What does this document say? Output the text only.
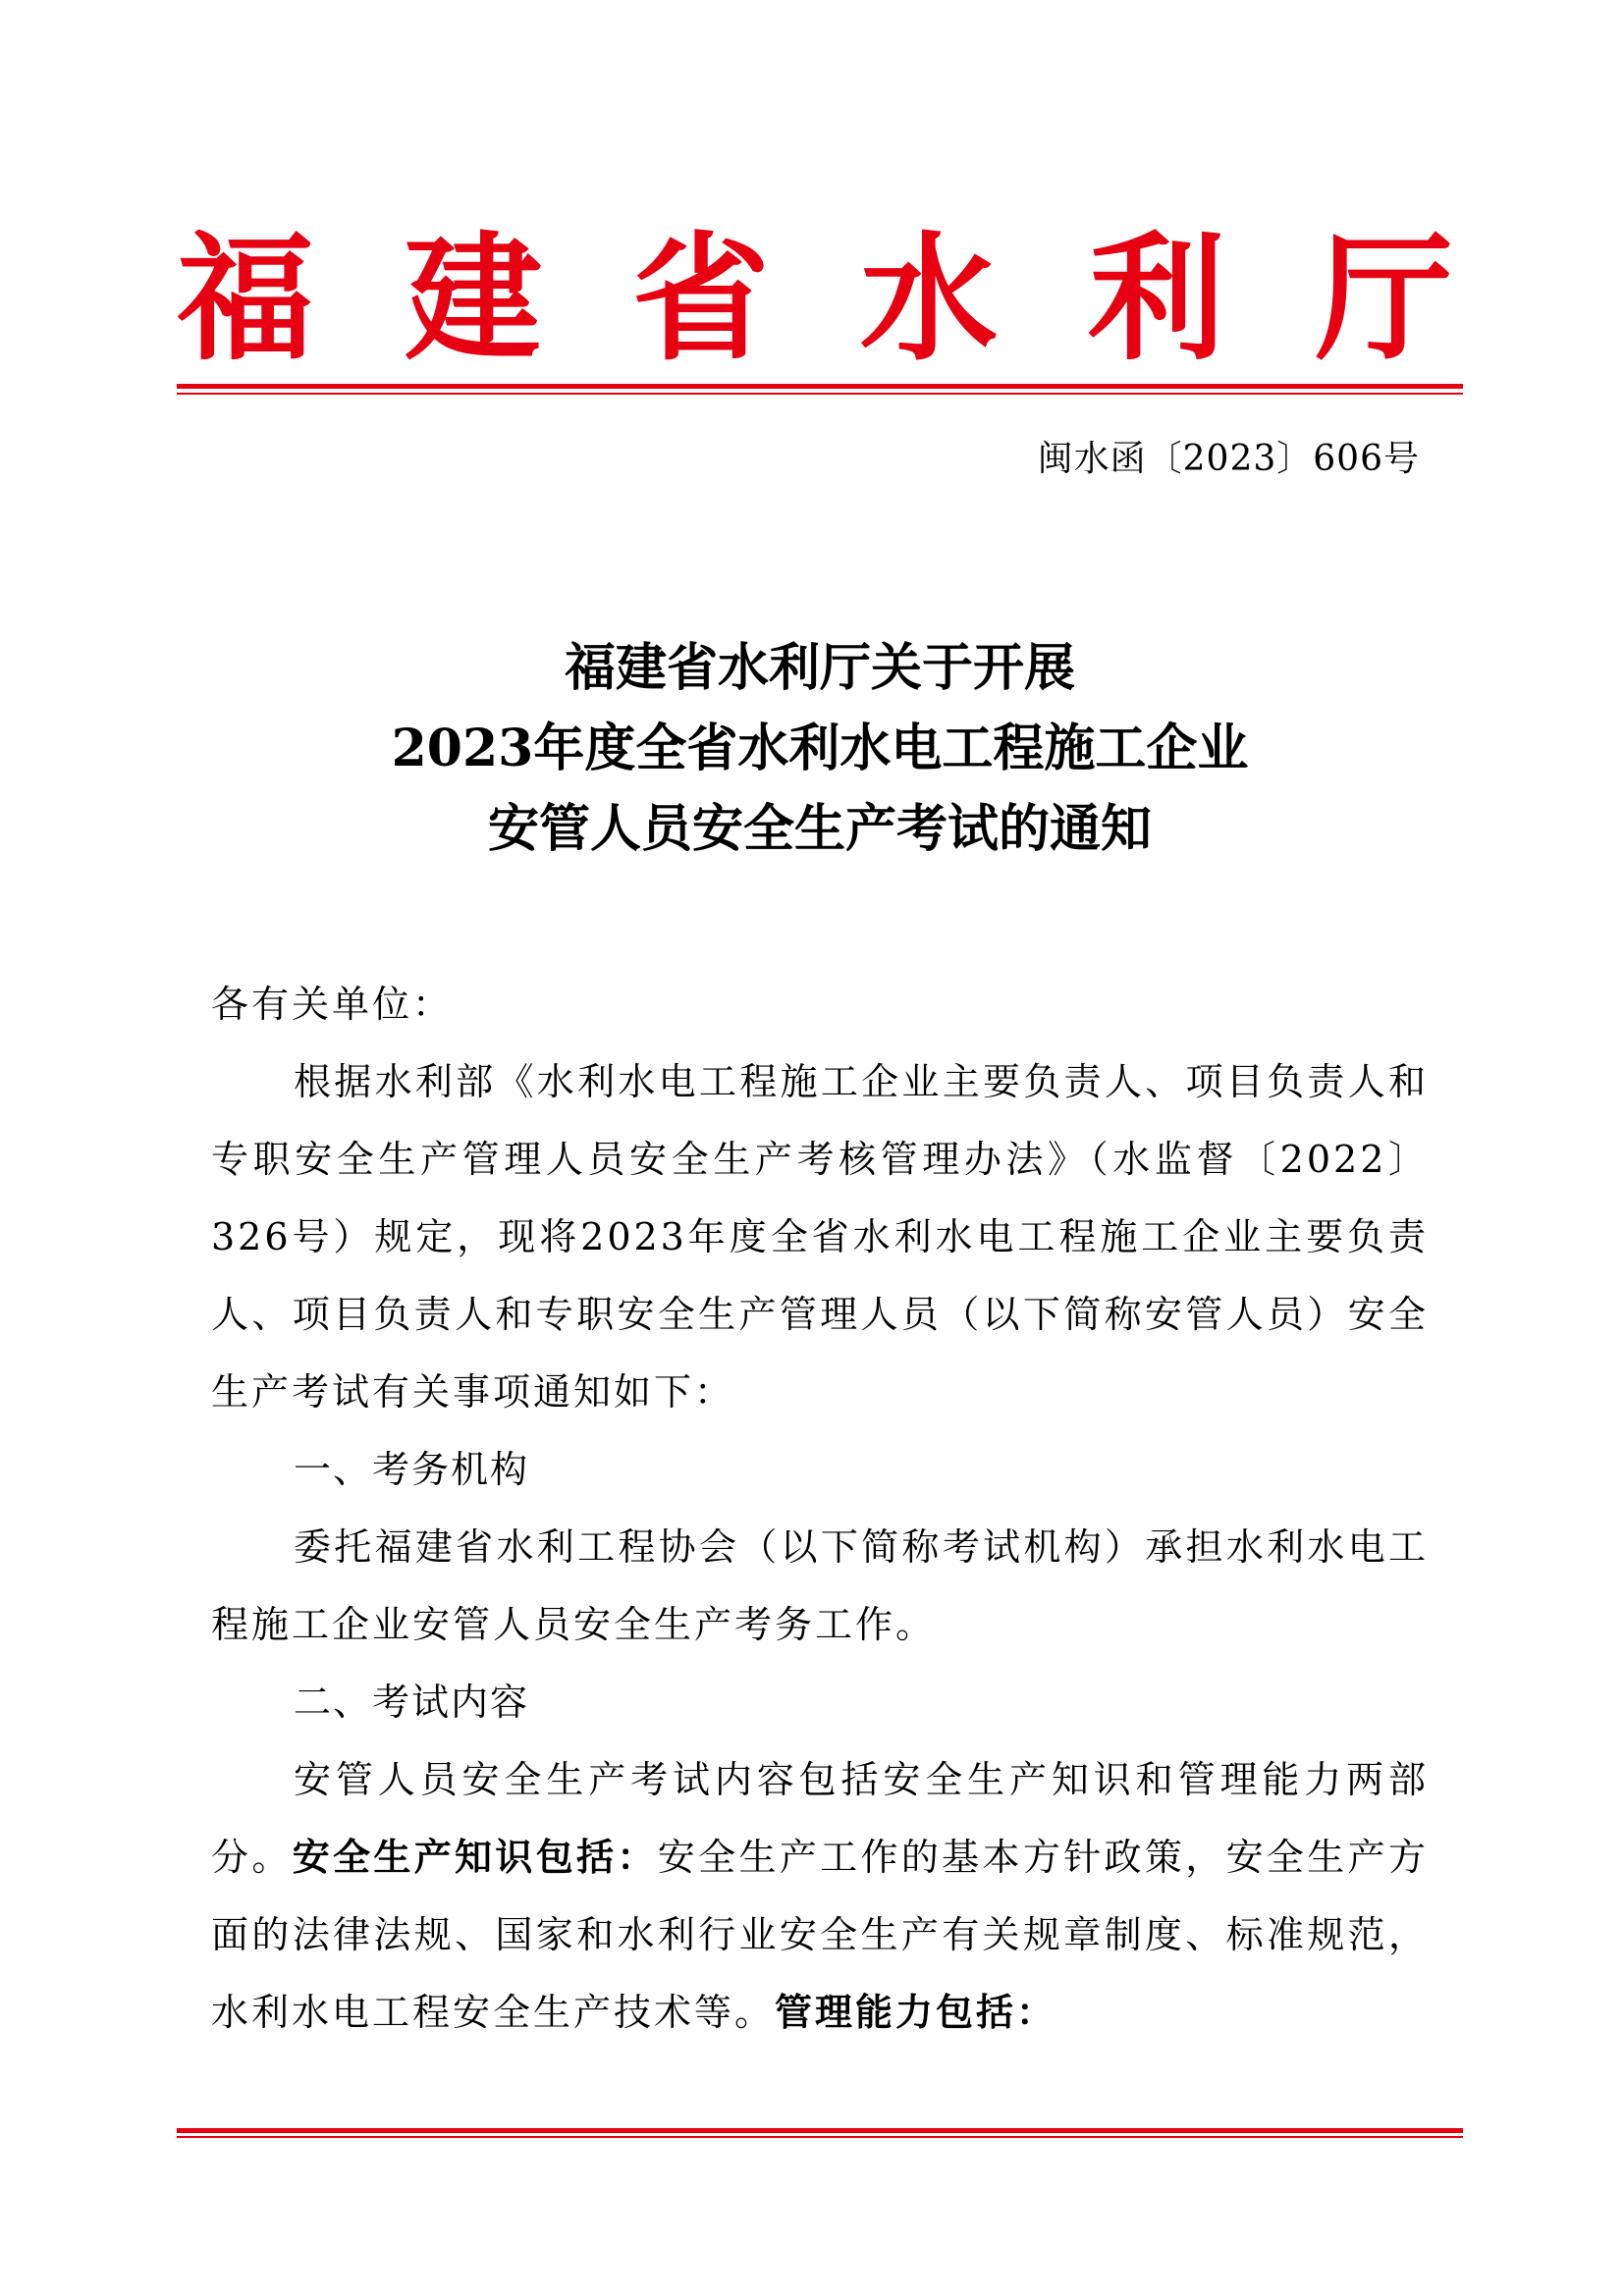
福 建 省 水 利 厅
闽水函〔2023〕606号
福建省水利厅关于开展
2023年度全省水利水电工程施工企业
安管人员安全生产考试的通知

各有关单位：

根据水利部《水利水电工程施工企业主要负责人、项目负责人和专职安全生产管理人员安全生产考核管理办法》（水监督〔2022〕326号）规定，现将2023年度全省水利水电工程施工企业主要负责人、项目负责人和专职安全生产管理人员（以下简称安管人员）安全生产考试有关事项通知如下：

一、考务机构

委托福建省水利工程协会（以下简称考试机构）承担水利水电工程施工企业安管人员安全生产考务工作。

二、考试内容

安管人员安全生产考试内容包括安全生产知识和管理能力两部分。安全生产知识包括：安全生产工作的基本方针政策，安全生产方面的法律法规、国家和水利行业安全生产有关规章制度、标准规范，水利水电工程安全生产技术等。管理能力包括：
